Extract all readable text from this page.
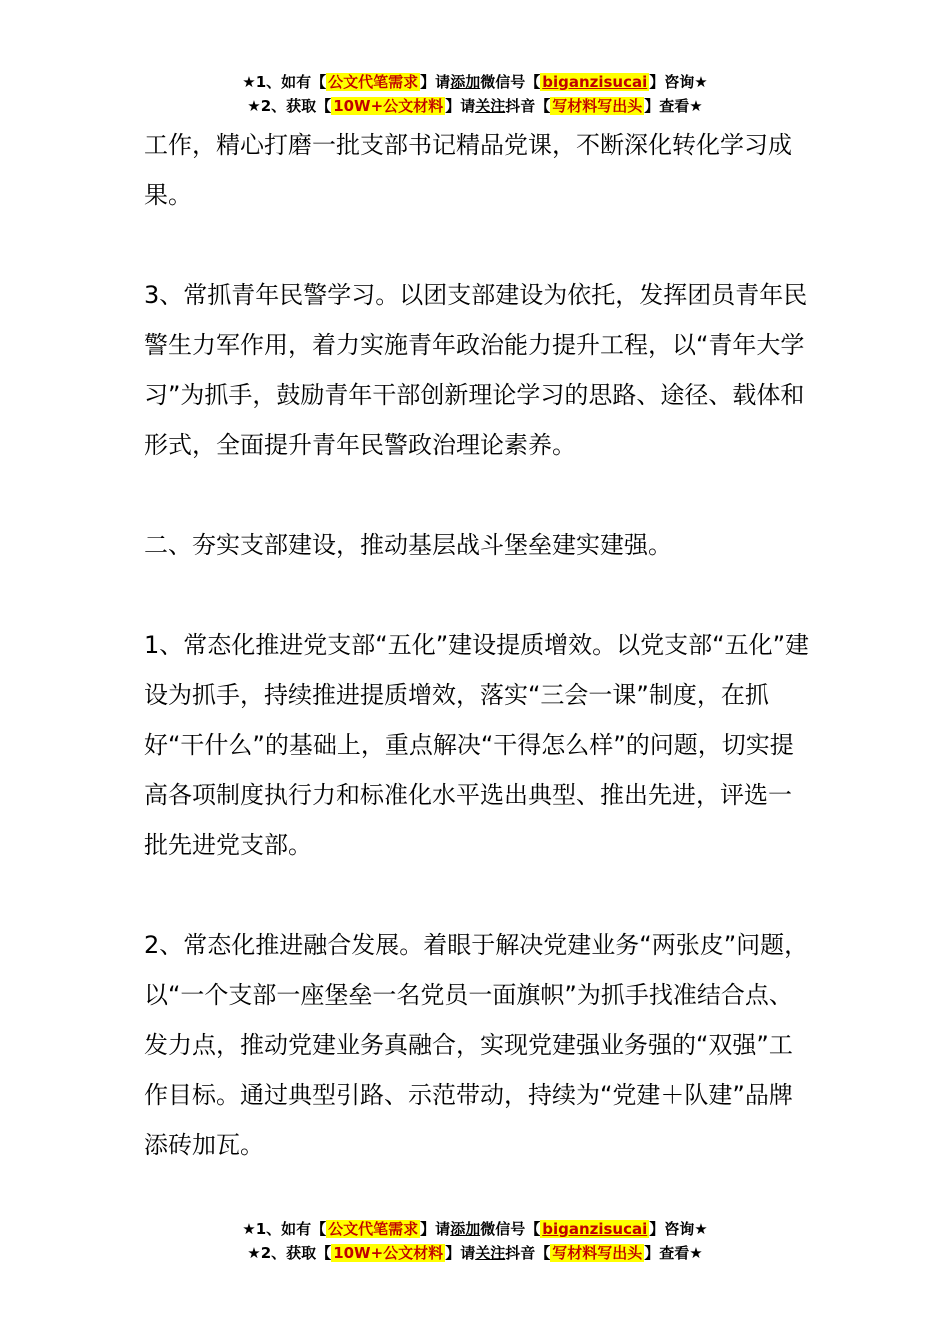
★1、如有【 公文代笔需求 】请添加微信号【 biganzisucai 】咨询★
★2、获取【 10W+公文材料 】请关注抖音【 写材料写出头 】查看★

工作，精心打磨一批支部书记精品党课，不断深化转化学习成果。

3、常抓青年民警学习。以团支部建设为依托，发挥团员青年民警生力军作用，着力实施青年政治能力提升工程，以“青年大学习”为抓手，鼓励青年干部创新理论学习的思路、途径、载体和形式，全面提升青年民警政治理论素养。

二、夯实支部建设，推动基层战斗堡垒建实建强。

1、常态化推进党支部“五化”建设提质增效。以党支部“五化”建设为抓手，持续推进提质增效，落实“三会一课”制度，在抓好“干什么”的基础上，重点解决“干得怎么样”的问题，切实提高各项制度执行力和标准化水平选出典型、推出先进，评选一批先进党支部。

2、常态化推进融合发展。着眼于解决党建业务“两张皮”问题，以“一个支部一座堡垒一名党员一面旗帜”为抓手找准结合点、发力点，推动党建业务真融合，实现党建强业务强的“双强”工作目标。通过典型引路、示范带动，持续为“党建＋队建”品牌添砖加瓦。

★1、如有【 公文代笔需求 】请添加微信号【 biganzisucai 】咨询★
★2、获取【 10W+公文材料 】请关注抖音【 写材料写出头 】查看★
